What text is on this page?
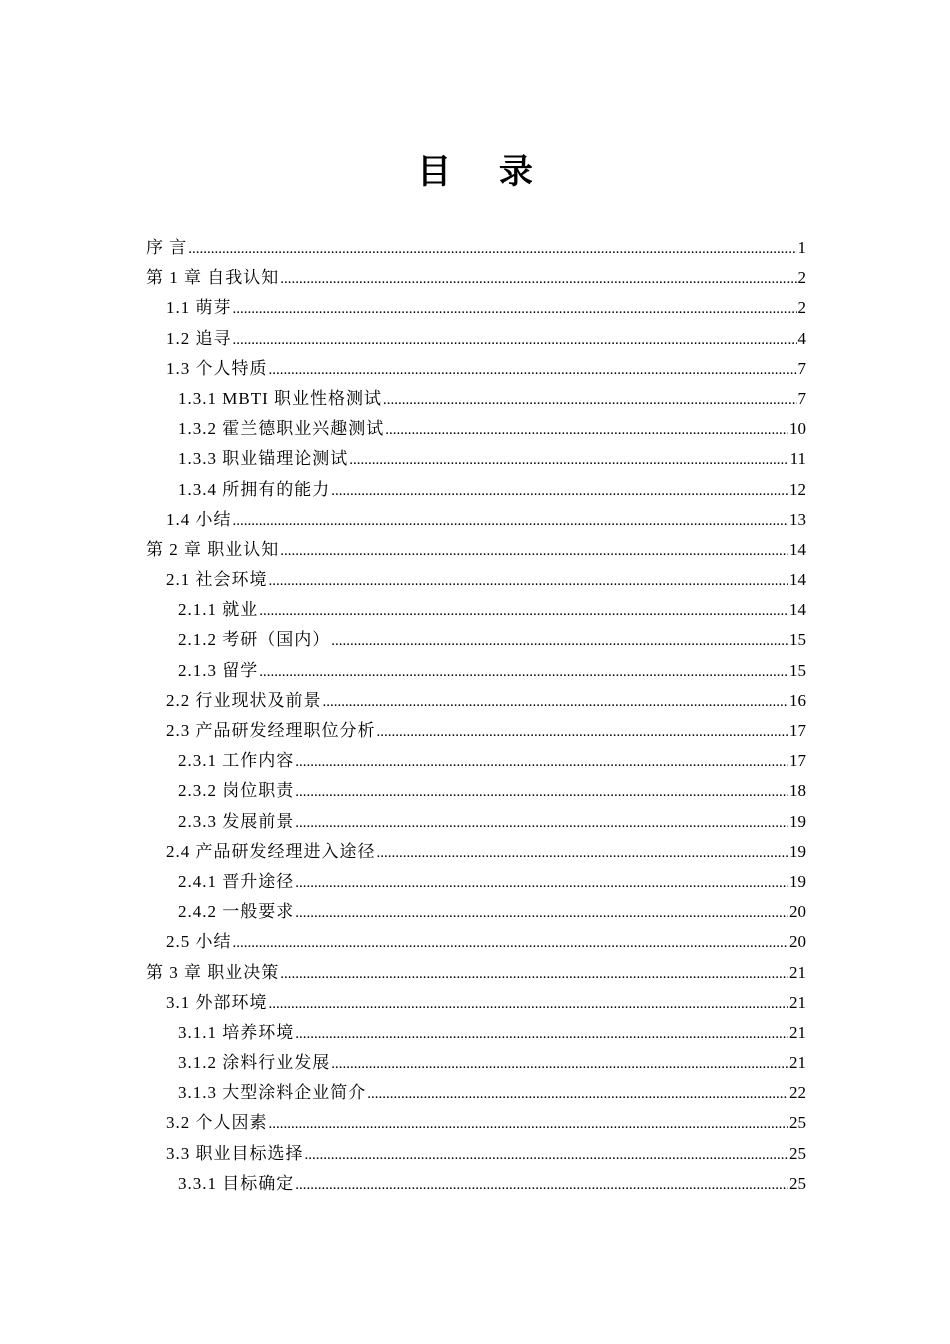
目 录
序 言 .....	1
第 1 章 自我认知 .....	2
1.1 萌芽 .....	2
1.2 追寻 .....	4
1.3 个人特质 .....	7
1.3.1 MBTI 职业性格测试 .....	7
1.3.2 霍兰德职业兴趣测试 .....	10
1.3.3 职业锚理论测试 .....	11
1.3.4 所拥有的能力 .....	12
1.4 小结 .....	13
第 2 章 职业认知 .....	14
2.1 社会环境 .....	14
2.1.1 就业 .....	14
2.1.2 考研（国内） .....	15
2.1.3 留学 .....	15
2.2 行业现状及前景 .....	16
2.3 产品研发经理职位分析 .....	17
2.3.1 工作内容 .....	17
2.3.2 岗位职责 .....	18
2.3.3 发展前景 .....	19
2.4 产品研发经理进入途径 .....	19
2.4.1 晋升途径 .....	19
2.4.2 一般要求 .....	20
2.5 小结 .....	20
第 3 章 职业决策 .....	21
3.1 外部环境 .....	21
3.1.1 培养环境 .....	21
3.1.2 涂料行业发展 .....	21
3.1.3 大型涂料企业简介 .....	22
3.2 个人因素 .....	25
3.3 职业目标选择 .....	25
3.3.1 目标确定 .....	25
